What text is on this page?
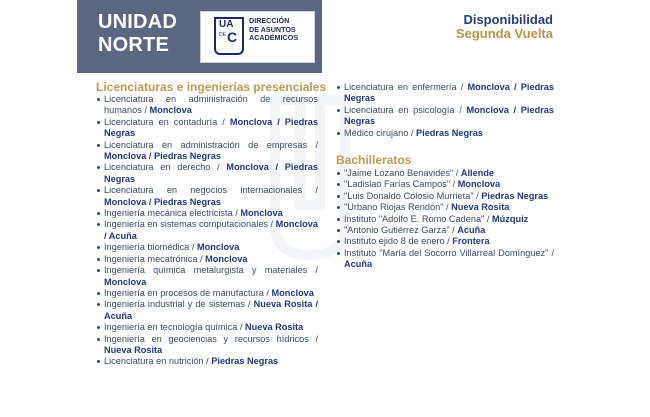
UNIDAD
NORTE
UA
DE C
DIRECCIÓN
DE ASUNTOS
ACADÉMICOS
Disponibilidad
Segunda Vuelta
Licenciaturas e ingenierías presenciales
Licenciatura en administración de recursos humanos / Monclova
Licenciatura en contaduría / Monclova / Piedras Negras
Licenciatura en administración de empresas / Monclova / Piedras Negras
Licenciatura en derecho / Monclova / Piedras Negras
Licenciatura en negocios internacionales / Monclova / Piedras Negras
Ingeniería mecánica electricista / Monclova
Ingeniería en sistemas computacionales / Monclova / Acuña
Ingeniería biomédica / Monclova
Ingeniería mecatrónica / Monclova
Ingeniería química metalurgista y materiales / Monclova
Ingeniería en procesos de manufactura / Monclova
Ingeniería industrial y de sistemas / Nueva Rosita / Acuña
Ingeniería en tecnología química / Nueva Rosita
Ingeniería en geociencias y recursos hídricos / Nueva Rosita
Licenciatura en nutrición / Piedras Negras
Licenciatura en enfermería / Monclova / Piedras Negras
Licenciatura en psicología / Monclova / Piedras Negras
Médico cirujano / Piedras Negras
Bachilleratos
"Jaime Lozano Benavides" / Allende
"Ladislao Farías Campos" / Monclova
"Luis Donaldo Colosio Murrieta" / Piedras Negras
"Urbano Riojas Rendón" / Nueva Rosita
Instituto "Adolfo E. Romo Cadena" / Múzquiz
"Antonio Gutiérrez Garza" / Acuña
Instituto ejido 8 de enero / Frontera
Instituto "María del Socorro Villarreal Domínguez" / Acuña
